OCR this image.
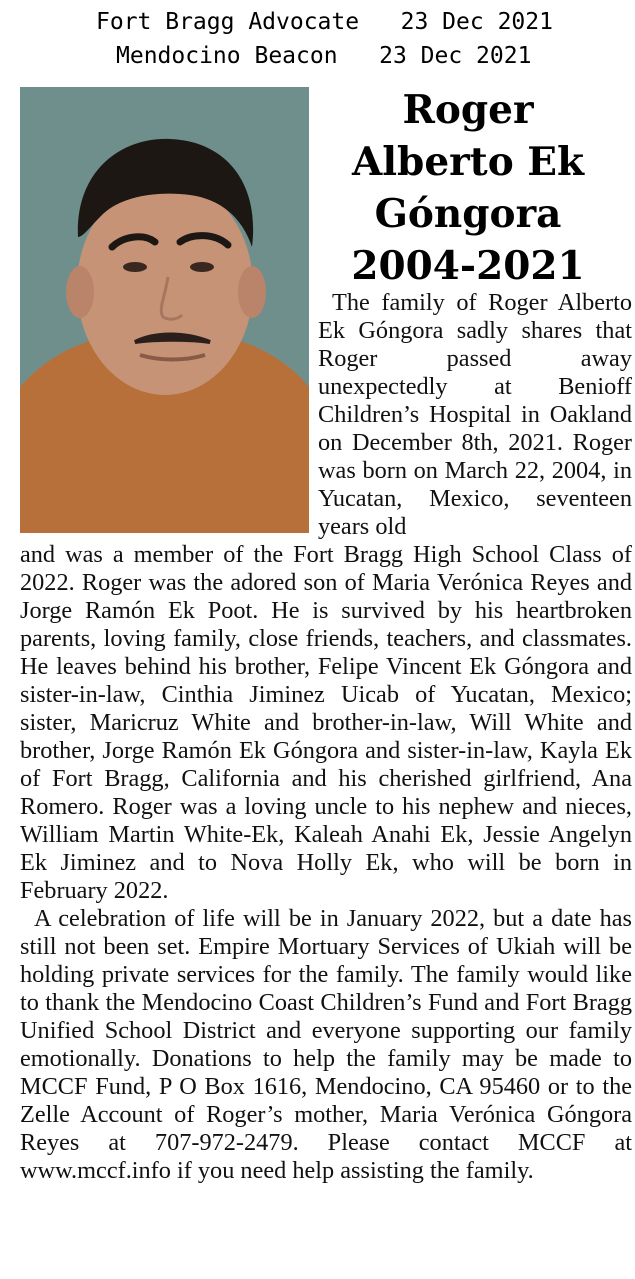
Fort Bragg Advocate   23 Dec 2021
Mendocino Beacon   23 Dec 2021
Roger
Alberto Ek
Góngora
2004-2021

The family of Roger Alberto Ek Góngora sadly shares that Roger passed away unexpectedly at Benioff Children’s Hospital in Oakland on December 8th, 2021. Roger was born on March 22, 2004, in Yucatan, Mexico, seventeen years old

and was a member of the Fort Bragg High School Class of 2022. Roger was the adored son of Maria Verónica Reyes and Jorge Ramón Ek Poot. He is survived by his heartbroken parents, loving family, close friends, teachers, and classmates. He leaves behind his brother, Felipe Vincent Ek Góngora and sister-in-law, Cinthia Jiminez Uicab of Yucatan, Mexico; sister, Maricruz White and brother-in-law, Will White and brother, Jorge Ramón Ek Góngora and sister-in-law, Kayla Ek of Fort Bragg, California and his cherished girlfriend, Ana Romero. Roger was a loving uncle to his nephew and nieces, William Martin White-Ek, Kaleah Anahi Ek, Jessie Angelyn Ek Jiminez and to Nova Holly Ek, who will be born in February 2022.

A celebration of life will be in January 2022, but a date has still not been set. Empire Mortuary Services of Ukiah will be holding private services for the family. The family would like to thank the Mendocino Coast Children’s Fund and Fort Bragg Unified School District and everyone supporting our family emotionally. Donations to help the family may be made to MCCF Fund, P O Box 1616, Mendocino, CA 95460 or to the Zelle Account of Roger’s mother, Maria Verónica Góngora Reyes at 707-972-2479. Please contact MCCF at www.mccf.info if you need help assisting the family.
